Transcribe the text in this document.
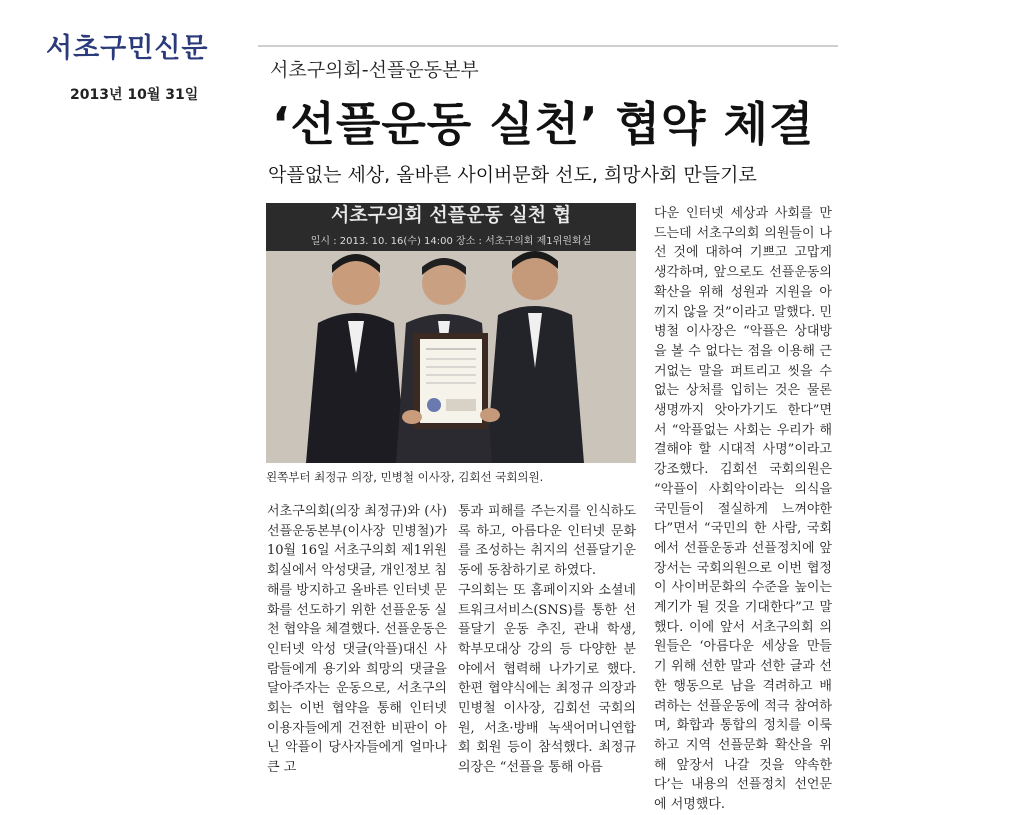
서초구민신문
2013년 10월 31일
서초구의회-선플운동본부
‘선플운동 실천’ 협약 체결
악플없는 세상, 올바른 사이버문화 선도, 희망사회 만들기로
서초구의회 선플운동 실천 협
일시 : 2013. 10. 16(수) 14:00 장소 : 서초구의회 제1위원회실
왼쪽부터 최정규 의장, 민병철 이사장, 김회선 국회의원.
서초구의회(의장 최정규)와 (사)선플운동본부(이사장 민병철)가 10월 16일 서초구의회 제1위원회실에서 악성댓글, 개인정보 침해를 방지하고 올바른 인터넷 문화를 선도하기 위한 선플운동 실천 협약을 체결했다. 선플운동은 인터넷 악성 댓글(악플)대신 사람들에게 용기와 희망의 댓글을 달아주자는 운동으로, 서초구의회는 이번 협약을 통해 인터넷 이용자들에게 건전한 비판이 아닌 악플이 당사자들에게 얼마나 큰 고
통과 피해를 주는지를 인식하도록 하고, 아름다운 인터넷 문화를 조성하는 취지의 선플달기운동에 동참하기로 하였다.
구의회는 또 홈페이지와 소셜네트워크서비스(SNS)를 통한 선플달기 운동 추진, 관내 학생, 학부모대상 강의 등 다양한 분야에서 협력해 나가기로 했다. 한편 협약식에는 최정규 의장과 민병철 이사장, 김회선 국회의원, 서초·방배 녹색어머니연합회 회원 등이 참석했다. 최정규 의장은 “선플을 통해 아름
다운 인터넷 세상과 사회를 만드는데 서초구의회 의원들이 나선 것에 대하여 기쁘고 고맙게 생각하며, 앞으로도 선플운동의 확산을 위해 성원과 지원을 아끼지 않을 것”이라고 말했다. 민병철 이사장은 “악플은 상대방을 볼 수 없다는 점을 이용해 근거없는 말을 퍼트리고 씻을 수 없는 상처를 입히는 것은 물론 생명까지 앗아가기도 한다”면서 “악플없는 사회는 우리가 해결해야 할 시대적 사명”이라고 강조했다. 김회선 국회의원은 “악플이 사회악이라는 의식을 국민들이 절실하게 느껴야한다”면서 “국민의 한 사람, 국회에서 선플운동과 선플정치에 앞장서는 국회의원으로 이번 협정이 사이버문화의 수준을 높이는 계기가 될 것을 기대한다”고 말했다. 이에 앞서 서초구의회 의원들은 ‘아름다운 세상을 만들기 위해 선한 말과 선한 글과 선한 행동으로 남을 격려하고 배려하는 선플운동에 적극 참여하며, 화합과 통합의 정치를 이룩하고 지역 선플문화 확산을 위해 앞장서 나갈 것을 약속한다’는 내용의 선플정치 선언문에 서명했다.
